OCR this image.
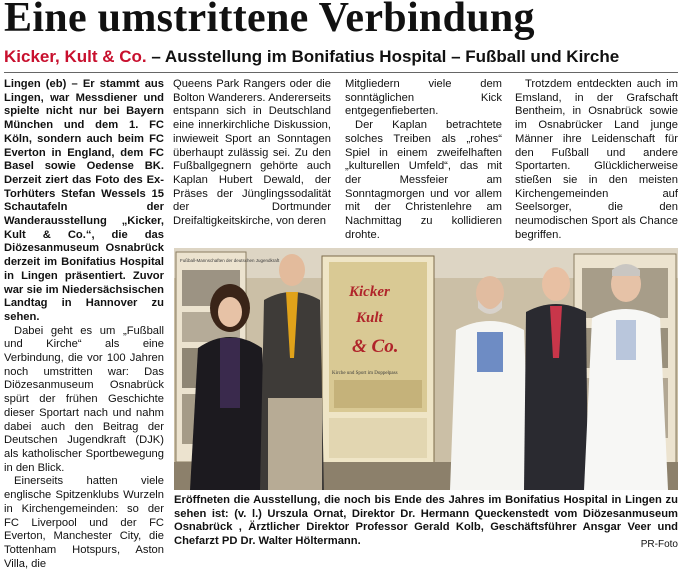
Eine umstrittene Verbindung
Kicker, Kult & Co. – Ausstellung im Bonifatius Hospital – Fußball und Kirche

Lingen (eb) – Er stammt aus Lingen, war Messdiener und spielte nicht nur bei Bayern München und dem 1. FC Köln, sondern auch beim FC Everton in England, dem FC Basel sowie Oedense BK. Derzeit ziert das Foto des Ex-Torhüters Stefan Wessels 15 Schautafeln der Wanderausstellung „Kicker, Kult & Co.“, die das Diözesanmuseum Osnabrück derzeit im Bonifatius Hospital in Lingen präsentiert. Zuvor war sie im Niedersächsischen Landtag in Hannover zu sehen.

Dabei geht es um „Fußball und Kirche“ als eine Verbindung, die vor 100 Jahren noch umstritten war: Das Diözesanmuseum Osnabrück spürt der frühen Geschichte dieser Sportart nach und nahm dabei auch den Beitrag der Deutschen Jugendkraft (DJK) als katholischer Sportbewegung in den Blick.

Einerseits hatten viele englische Spitzenklubs Wurzeln in Kirchengemeinden: so der FC Liverpool und der FC Everton, Manchester City, die Tottenham Hotspurs, Aston Villa, die

Queens Park Rangers oder die Bolton Wanderers. Andererseits entspann sich in Deutschland eine innerkirchliche Diskussion, inwieweit Sport an Sonntagen überhaupt zulässig sei. Zu den Fußballgegnern gehörte auch Kaplan Hubert Dewald, der Präses der Jünglingssodalität der Dortmunder Dreifaltigkeitskirche, von deren

Mitgliedern viele dem sonntäglichen Kick entgegenfieberten.

Der Kaplan betrachtete solches Treiben als „rohes“ Spiel in einem zweifelhaften „kulturellen Umfeld“, das mit der Messfeier am Sonntagmorgen und vor allem mit der Christenlehre am Nachmittag zu kollidieren drohte.

Trotzdem entdeckten auch im Emsland, in der Grafschaft Bentheim, in Osnabrück sowie im Osnabrücker Land junge Männer ihre Leidenschaft für den Fußball und andere Sportarten. Glücklicherweise stießen sie in den meisten Kirchengemeinden auf Seelsorger, die den neumodischen Sport als Chance begriffen.

Fußball-Mannschaften der deutschen Jugendkraft
Kicker
Kult
& Co.
Kirche und Sport im Doppelpass
Eröffneten die Ausstellung, die noch bis Ende des Jahres im Bonifatius Hospital in Lingen zu sehen ist: (v. l.) Urszula Ornat, Direktor Dr. Hermann Queckenstedt vom Diözesanmuseum Osnabrück , Ärztlicher Direktor Professor Gerald Kolb, Geschäftsführer Ansgar Veer und Chefarzt PD Dr. Walter Höltermann.	PR-Foto
